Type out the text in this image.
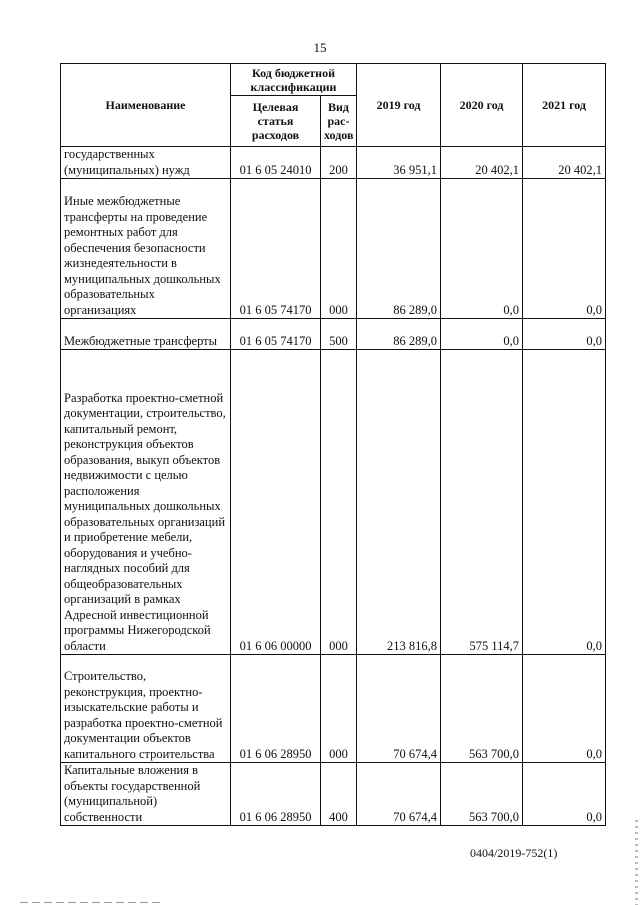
15
Наименование	Код бюджетной классификации		2019 год	2020 год	2021 год
	Целевая статья расходов	Вид рас-ходов			
государственных (муниципальных) нужд	01 6 05 24010	200	36 951,1	20 402,1	20 402,1
Иные межбюджетные трансферты на проведение ремонтных работ для обеспечения безопасности жизнедеятельности в муниципальных дошкольных образовательных организациях	01 6 05 74170	000	86 289,0	0,0	0,0
Межбюджетные трансферты	01 6 05 74170	500	86 289,0	0,0	0,0
Разработка проектно-сметной документации, строительство, капитальный ремонт, реконструкция объектов образования, выкуп объектов недвижимости с целью расположения муниципальных дошкольных образовательных организаций и приобретение мебели, оборудования и учебно-наглядных пособий для общеобразовательных организаций в рамках Адресной инвестиционной программы Нижегородской области	01 6 06 00000	000	213 816,8	575 114,7	0,0
Строительство, реконструкция, проектно-изыскательские работы и разработка проектно-сметной документации объектов капитального строительства	01 6 06 28950	000	70 674,4	563 700,0	0,0
Капитальные вложения в объекты государственной (муниципальной) собственности	01 6 06 28950	400	70 674,4	563 700,0	0,0
0404/2019-752(1)
